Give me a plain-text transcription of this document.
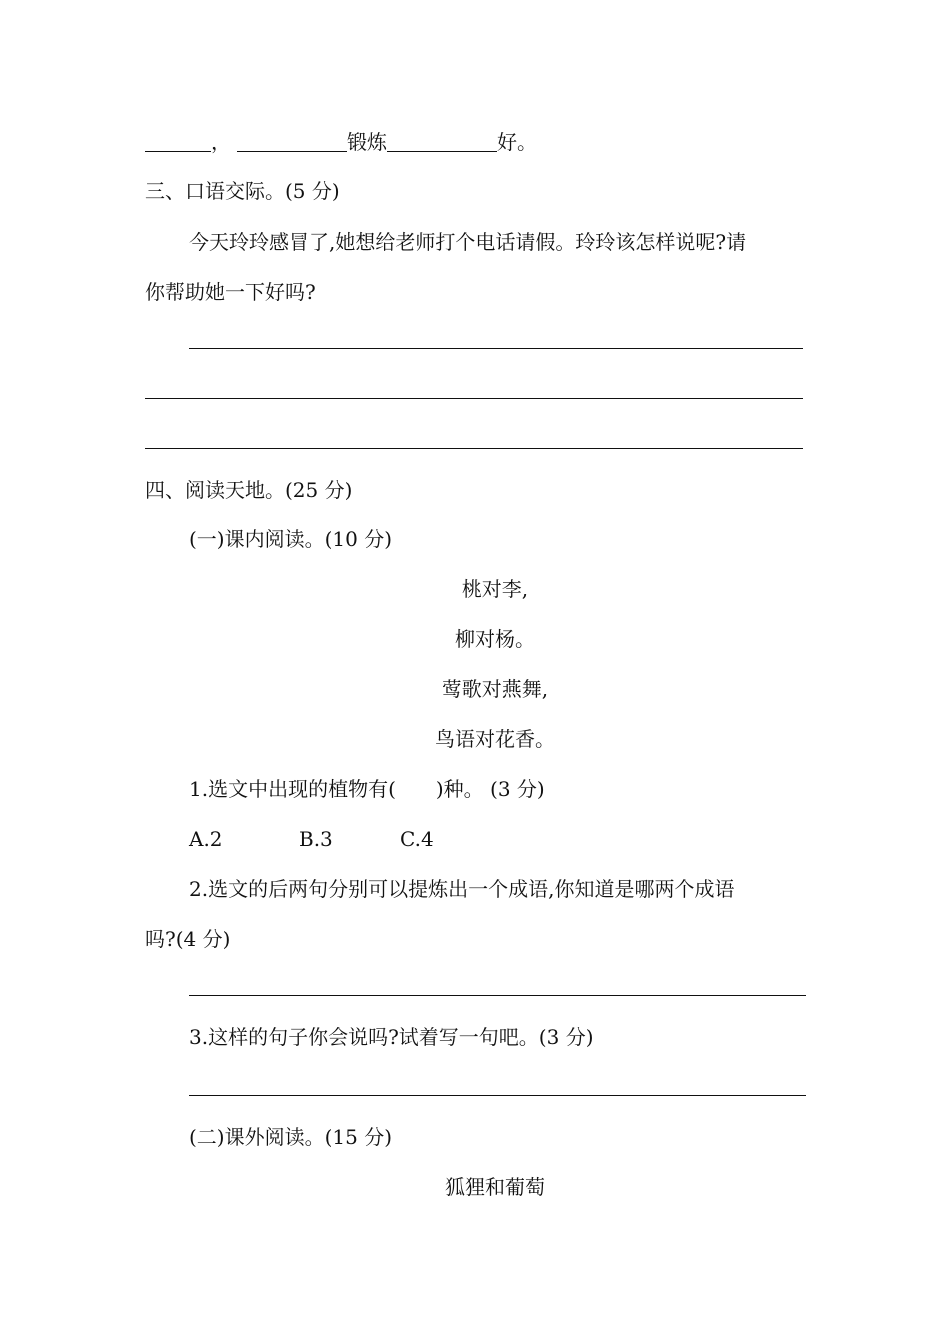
，	锻炼	好。
三、口语交际。(5 分)
今天玲玲感冒了,她想给老师打个电话请假。玲玲该怎样说呢?请
你帮助她一下好吗?
四、阅读天地。(25 分)
(一)课内阅读。(10 分)
桃对李,
柳对杨。
莺歌对燕舞,
鸟语对花香。
1.选文中出现的植物有(　　)种。 (3 分)
A.2	B.3	C.4
2.选文的后两句分别可以提炼出一个成语,你知道是哪两个成语
吗?(4 分)
3.这样的句子你会说吗?试着写一句吧。(3 分)
(二)课外阅读。(15 分)
狐狸和葡萄
